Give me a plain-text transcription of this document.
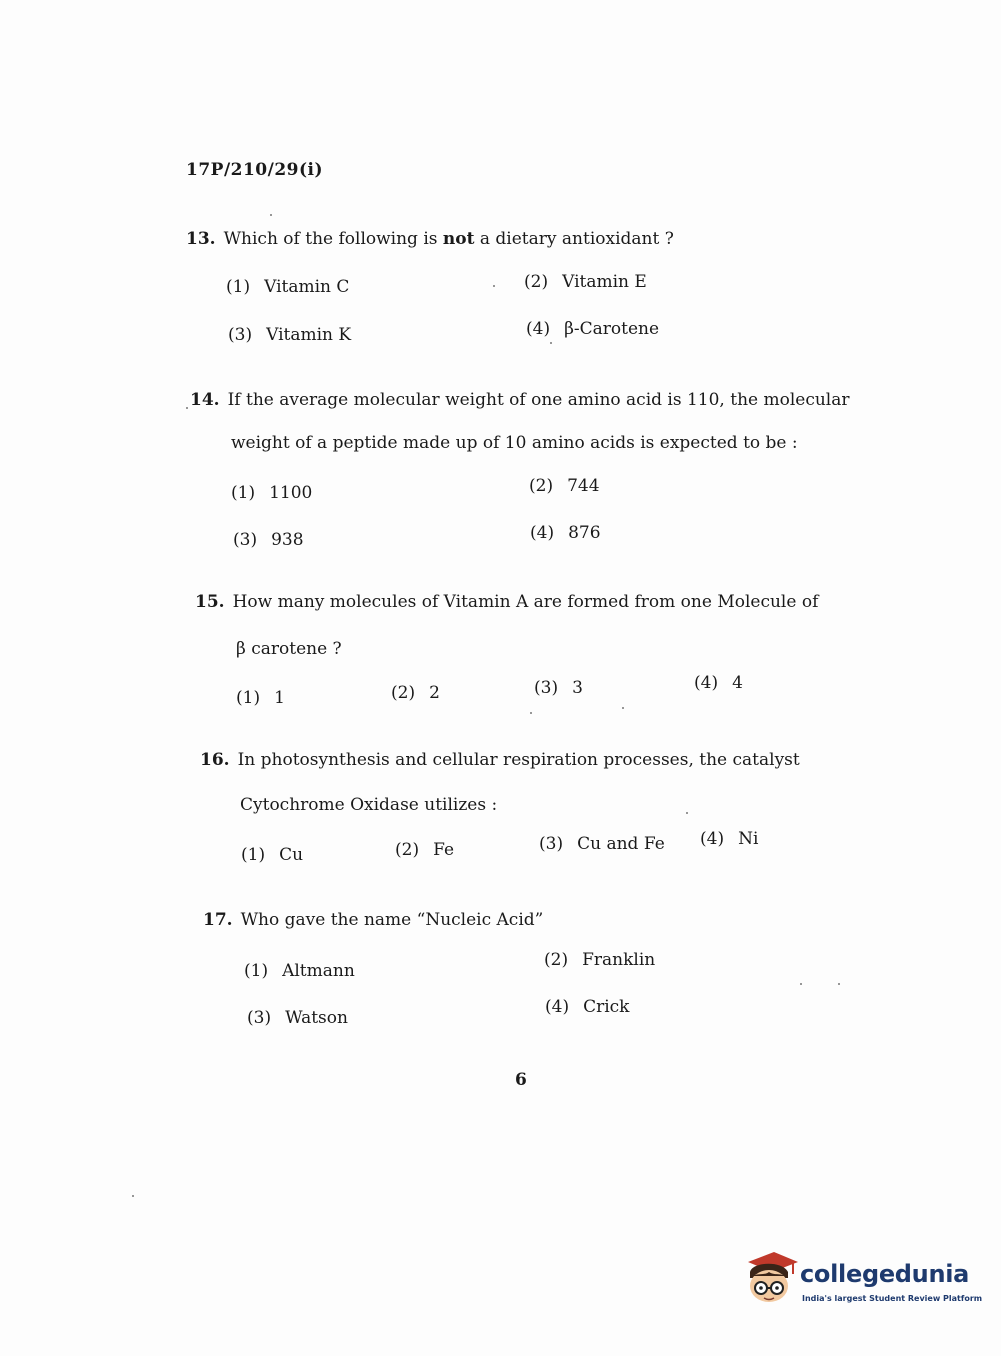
17P/210/29(i)
13. Which of the following is not a dietary antioxidant ?
(1) Vitamin C	(2) Vitamin E
(3) Vitamin K	(4) β-Carotene
14. If the average molecular weight of one amino acid is 110, the molecular
weight of a peptide made up of 10 amino acids is expected to be :
(1) 1100	(2) 744
(3) 938	(4) 876
15. How many molecules of Vitamin A are formed from one Molecule of
β carotene ?
(1) 1	(2) 2	(3) 3	(4) 4
16. In photosynthesis and cellular respiration processes, the catalyst
Cytochrome Oxidase utilizes :
(1) Cu	(2) Fe	(3) Cu and Fe (4) Ni
17. Who gave the name “Nucleic Acid”
(1) Altmann
(2) Franklin
(3) Watson
(4) Crick
6
collegedunia
India's largest Student Review Platform
